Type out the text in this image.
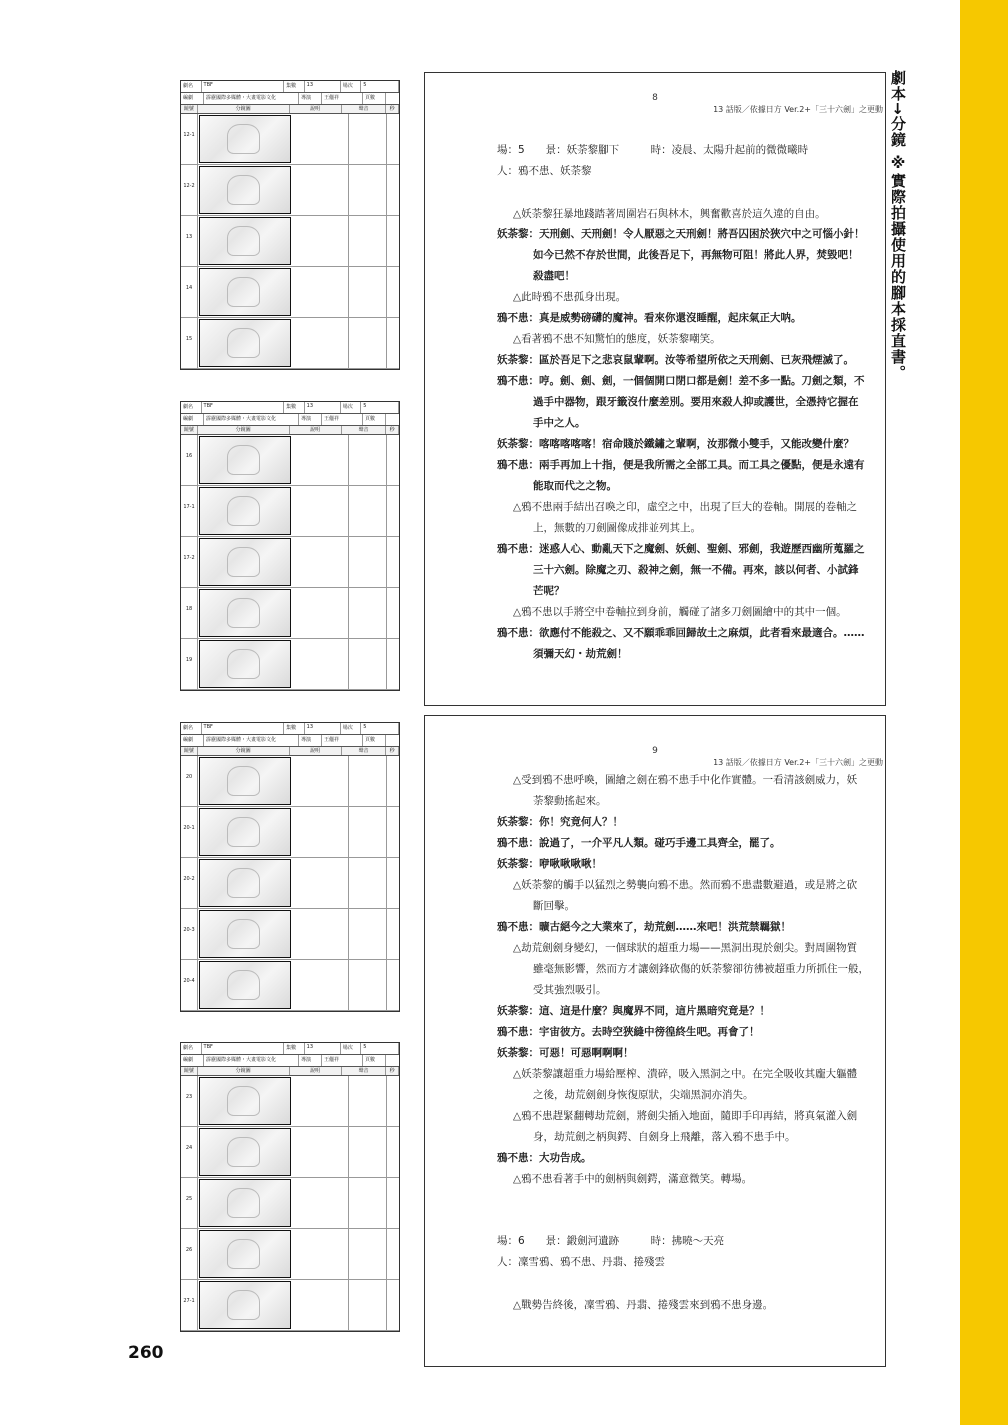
劇本→分鏡 ※實際拍攝使用的腳本採直書。
劇名	TBF	集數	13	場次	5
編劇	霹靂國際多媒體・大畫電影文化	導演	王儷祥	頁數
鏡號	分鏡圖	說明	聲音	秒
12-1
12-2
13
14
15
劇名	TBF	集數	13	場次	5
編劇	霹靂國際多媒體・大畫電影文化	導演	王儷祥	頁數
鏡號	分鏡圖	說明	聲音	秒
16
17-1
17-2
18
19
劇名	TBF	集數	13	場次	5
編劇	霹靂國際多媒體・大畫電影文化	導演	王儷祥	頁數
鏡號	分鏡圖	說明	聲音	秒
20
20-1
20-2
20-3
20-4
劇名	TBF	集數	13	場次	5
編劇	霹靂國際多媒體・大畫電影文化	導演	王儷祥	頁數
鏡號	分鏡圖	說明	聲音	秒
23
24
25
26
27-1
8
13 話版／依據日方 Ver.2+「三十六劍」之更動
場：5　　景：妖荼黎腳下　　　時：凌晨、太陽升起前的微微曦時
人：鴉不患、妖荼黎
△妖荼黎狂暴地踐踏著周圍岩石與林木，興奮歡喜於這久違的自由。
妖荼黎：天刑劍、天刑劍！令人厭惡之天刑劍！將吾囚困於狹穴中之可惱小針！
如今已然不存於世間，此後吾足下，再無物可阻！將此人界，焚毀吧！
殺盡吧！
△此時鴉不患孤身出現。
鴉不患：真是威勢磅礴的魔神。看來你還沒睡醒，起床氣正大呐。
△看著鴉不患不知驚怕的態度，妖荼黎嘲笑。
妖荼黎：區於吾足下之悲哀鼠輩啊。汝等希望所依之天刑劍、已灰飛煙滅了。
鴉不患：哼。劍、劍、劍，一個個開口閉口都是劍！差不多一點。刀劍之類，不
過手中器物，跟牙籤沒什麼差別。要用來殺人抑或護世，全憑持它握在
手中之人。
妖荼黎：喀喀喀喀喀！宿命賤於鐵鏽之輩啊，汝那微小雙手，又能改變什麼？
鴉不患：兩手再加上十指，便是我所需之全部工具。而工具之優點，便是永遠有
能取而代之之物。
△鴉不患兩手結出召喚之印，虛空之中，出現了巨大的卷軸。開展的卷軸之
上，無數的刀劍圖像成排並列其上。
鴉不患：迷惑人心、動亂天下之魔劍、妖劍、聖劍、邪劍，我遊歷西幽所蒐羅之
三十六劍。除魔之刃、殺神之劍，無一不備。再來，該以何者、小試鋒
芒呢？
△鴉不患以手將空中卷軸拉到身前，觸碰了諸多刀劍圖繪中的其中一個。
鴉不患：欲應付不能殺之、又不願乖乖回歸故土之麻煩，此者看來最適合。……
須彌天幻・劫荒劍！
9
13 話版／依據日方 Ver.2+「三十六劍」之更動
△受到鴉不患呼喚，圖繪之劍在鴉不患手中化作實體。一看清該劍威力，妖
荼黎動搖起來。
妖荼黎：你！究竟何人？！
鴉不患：說過了，一介平凡人類。碰巧手邊工具齊全，罷了。
妖荼黎：咿啾啾啾啾！
△妖荼黎的觸手以猛烈之勢襲向鴉不患。然而鴉不患盡數避過，或是將之砍
斷回擊。
鴉不患：曠古絕今之大業來了，劫荒劍……來吧！洪荒禁羈獄！
△劫荒劍劍身變幻，一個球狀的超重力場——黑洞出現於劍尖。對周圍物質
雖毫無影響，然而方才讓劍鋒砍傷的妖荼黎卻彷彿被超重力所抓住一般，
受其強烈吸引。
妖荼黎：這、這是什麼？與魔界不同，這片黑暗究竟是？！
鴉不患：宇宙彼方。去時空狹縫中徬徨終生吧。再會了！
妖荼黎：可惡！可惡啊啊啊！
△妖荼黎讓超重力場給壓榨、潰碎，吸入黑洞之中。在完全吸收其龐大軀體
之後，劫荒劍劍身恢復原狀，尖端黑洞亦消失。
△鴉不患趕緊翻轉劫荒劍，將劍尖插入地面，隨即手印再結，將真氣灌入劍
身，劫荒劍之柄與鍔、自劍身上飛離，落入鴉不患手中。
鴉不患：大功告成。
△鴉不患看著手中的劍柄與劍鍔，滿意微笑。轉場。
場：6　　景：鍛劍河遺跡　　　時：拂曉～天亮
人：凜雪鴉、鴉不患、丹翡、捲殘雲
△戰勢告終後，凜雪鴉、丹翡、捲殘雲來到鴉不患身邊。
260
